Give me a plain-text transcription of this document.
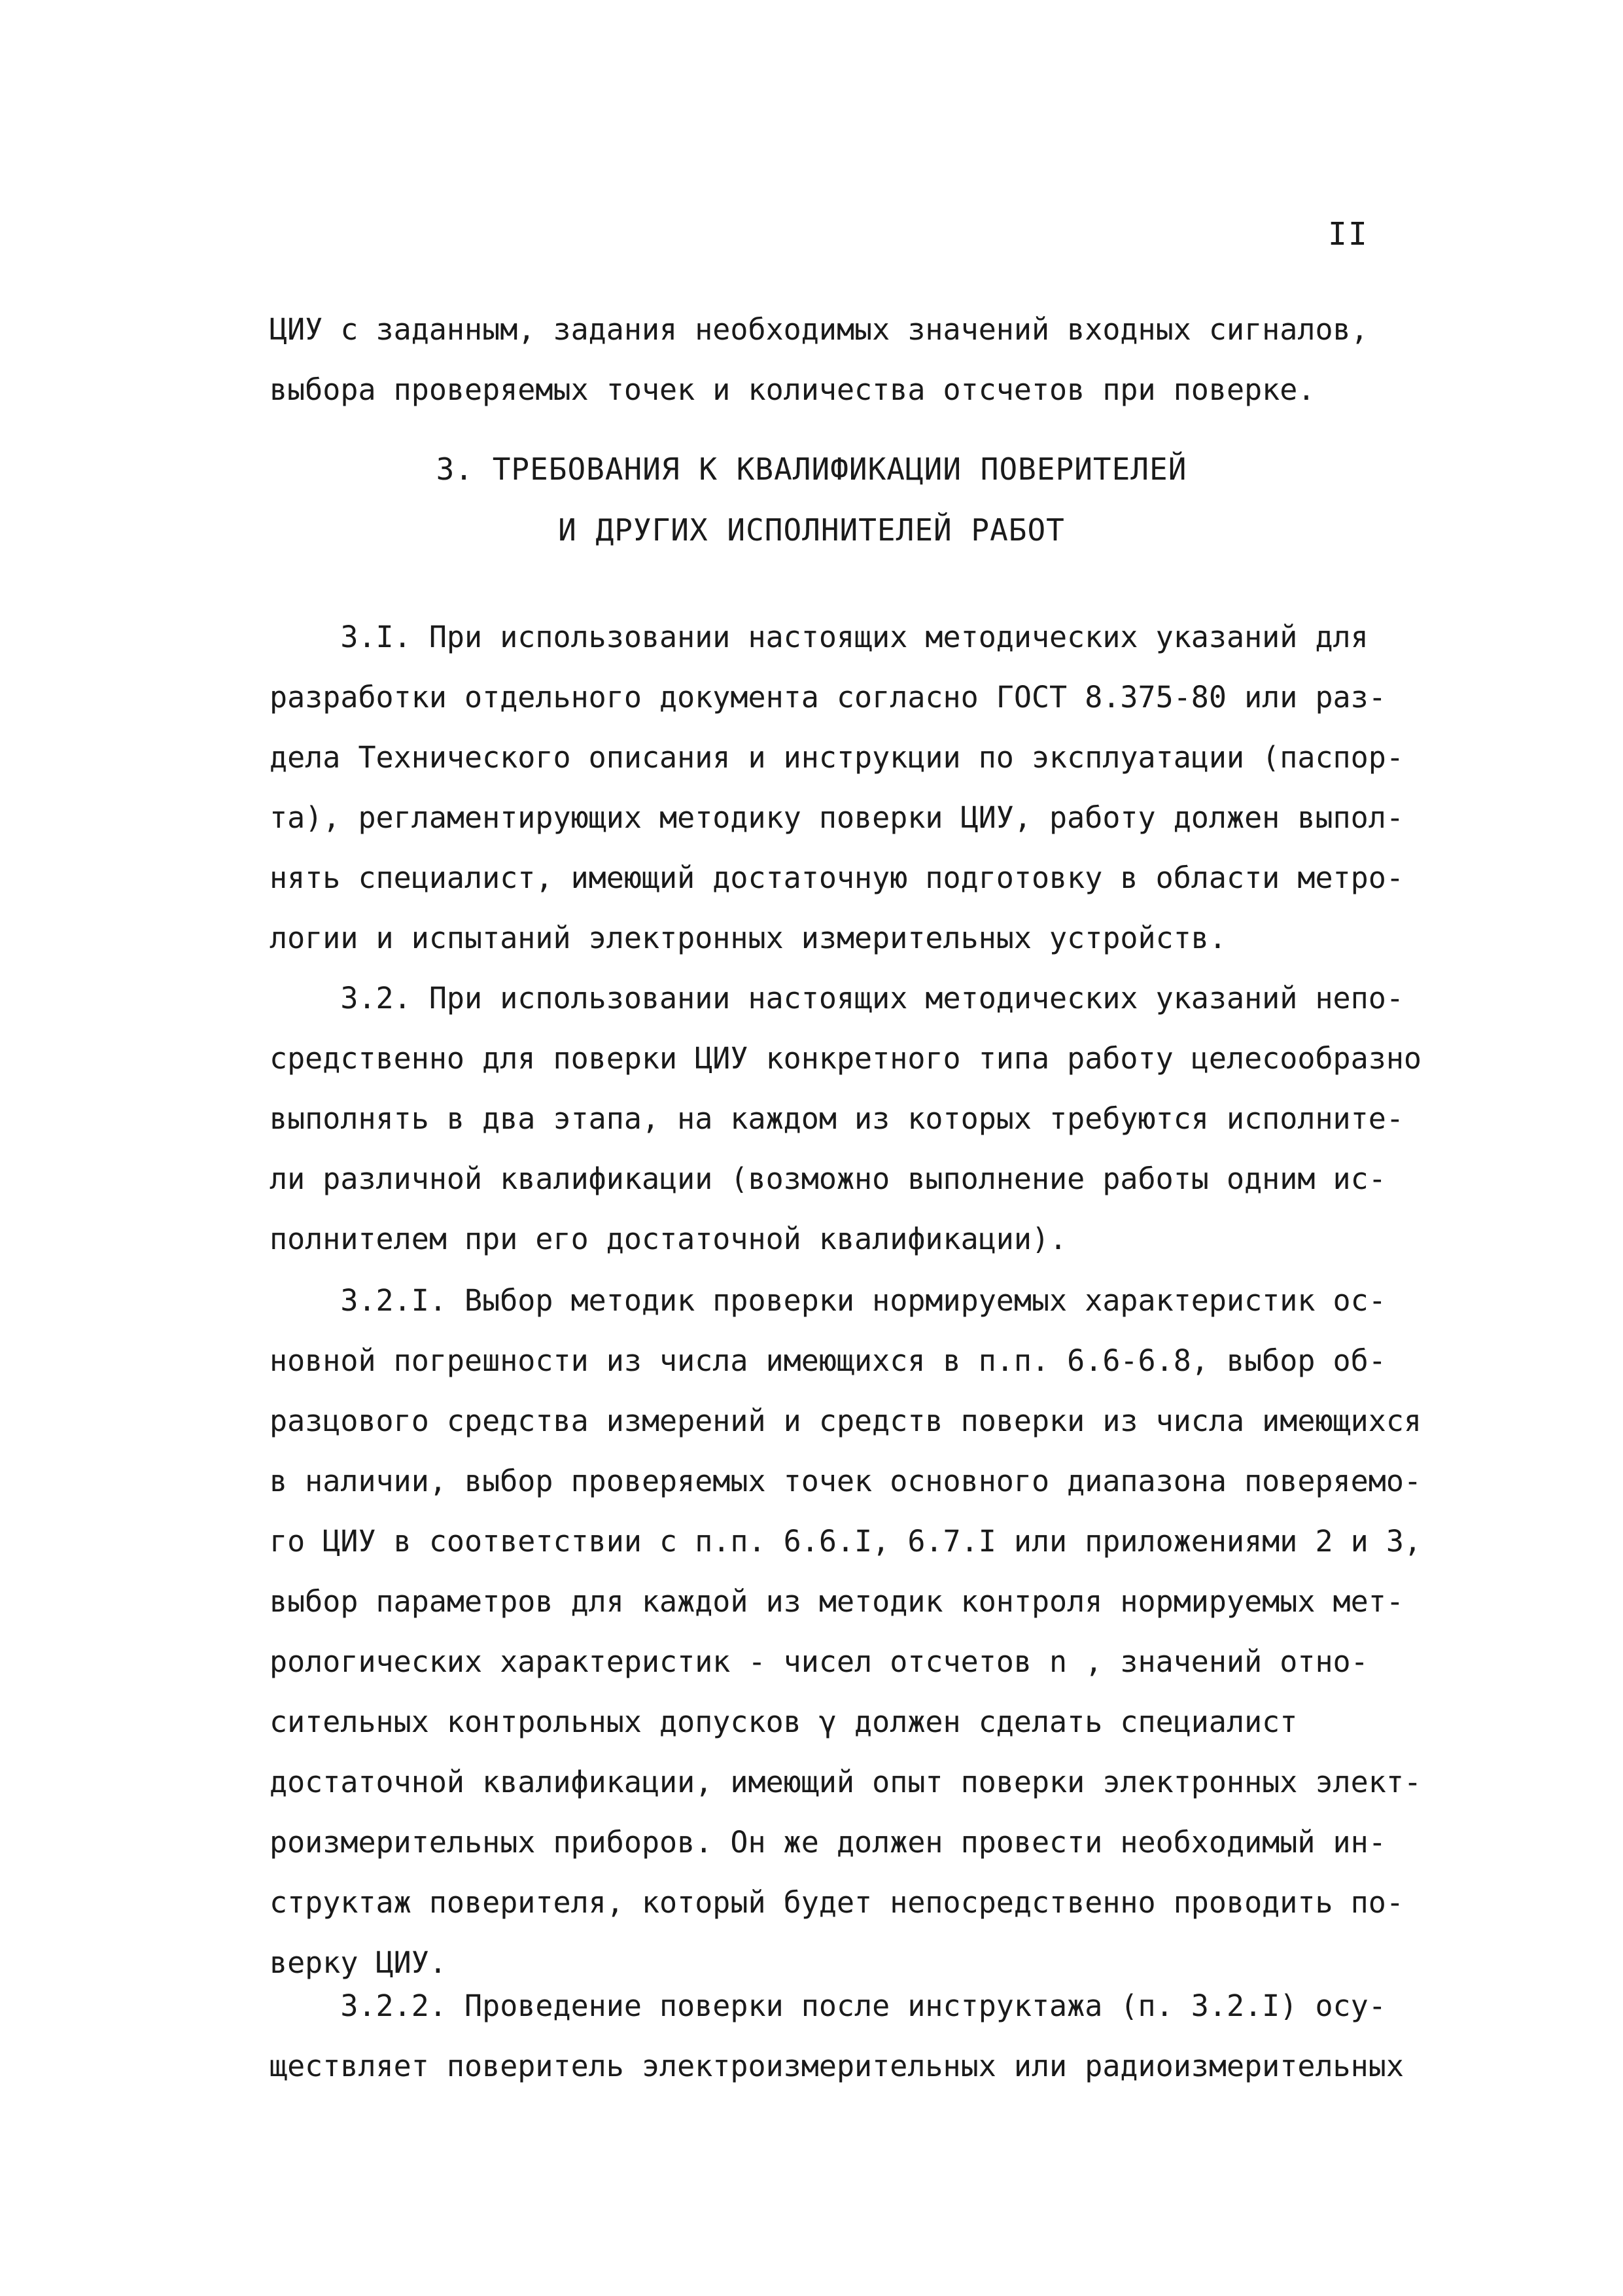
II
ЦИУ с заданным, задания необходимых значений входных сигналов,
выбора проверяемых точек и количества отсчетов при поверке.
3. ТРЕБОВАНИЯ К КВАЛИФИКАЦИИ ПОВЕРИТЕЛЕЙ
И ДРУГИХ ИСПОЛНИТЕЛЕЙ РАБОТ
3.I. При использовании настоящих методических указаний для
разработки отдельного документа согласно ГОСТ 8.375-80 или раз-
дела Технического описания и инструкции по эксплуатации (паспор-
та), регламентирующих методику поверки ЦИУ, работу должен выпол-
нять специалист, имеющий достаточную подготовку в области метро-
логии и испытаний электронных измерительных устройств.
3.2. При использовании настоящих методических указаний непо-
средственно для поверки ЦИУ конкретного типа работу целесообразно
выполнять в два этапа, на каждом из которых требуются исполните-
ли различной квалификации (возможно выполнение работы одним ис-
полнителем при его достаточной квалификации).
3.2.I. Выбор методик проверки нормируемых характеристик ос-
новной погрешности из числа имеющихся в п.п. 6.6-6.8, выбор об-
разцового средства измерений и средств поверки из числа имеющихся
в наличии, выбор проверяемых точек основного диапазона поверяемо-
го ЦИУ в соответствии с п.п. 6.6.I, 6.7.I или приложениями 2 и 3,
выбор параметров для каждой из методик контроля нормируемых мет-
рологических характеристик - чисел отсчетов n , значений отно-
сительных контрольных допусков γ должен сделать специалист
достаточной квалификации, имеющий опыт поверки электронных элект-
роизмерительных приборов. Он же должен провести необходимый ин-
структаж поверителя, который будет непосредственно проводить по-
верку ЦИУ.
3.2.2. Проведение поверки после инструктажа (п. 3.2.I) осу-
ществляет поверитель электроизмерительных или радиоизмерительных
